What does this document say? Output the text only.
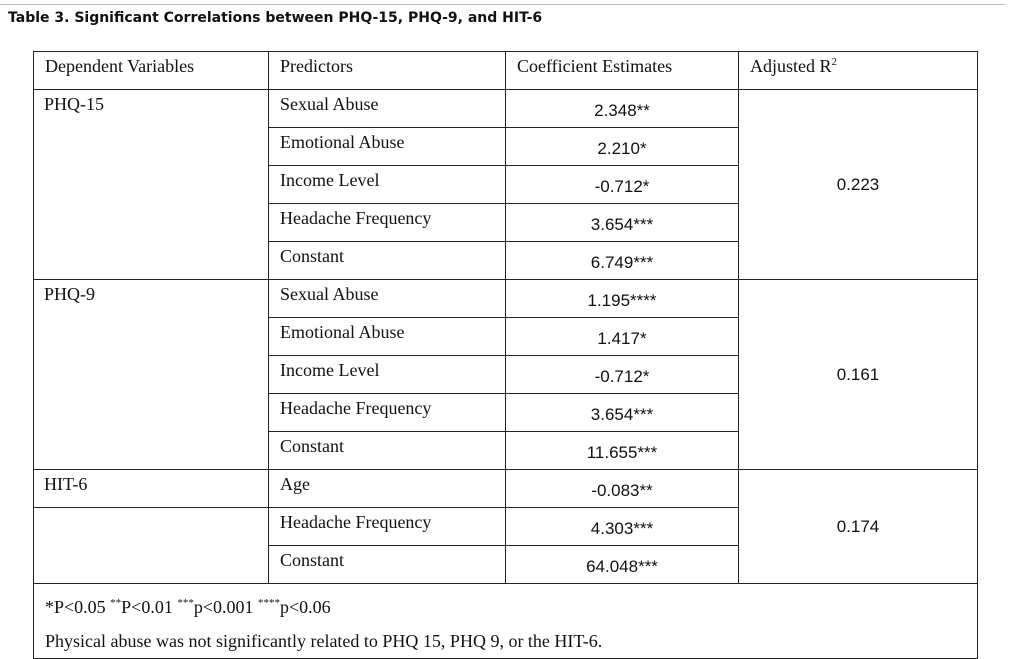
Table 3. Significant Correlations between PHQ-15, PHQ-9, and HIT-6
Dependent Variables	Predictors	Coefficient Estimates	Adjusted $R^2$
PHQ-15	Sexual Abuse	2.348**	0.223
	Emotional Abuse	2.210*	
	Income Level	-0.712*	
	Headache Frequency	3.654***	
	Constant	6.749***	
PHQ-9	Sexual Abuse	1.195****	0.161
	Emotional Abuse	1.417*	
	Income Level	-0.712*	
	Headache Frequency	3.654***	
	Constant	11.655***	
HIT-6	Age	-0.083**	0.174
	Headache Frequency	4.303***	
	Constant	64.048***	

*P<0.05 **P<0.01 ***p<0.001 ****p<0.06
Physical abuse was not significantly related to PHQ 15, PHQ 9, or the HIT-6.			
